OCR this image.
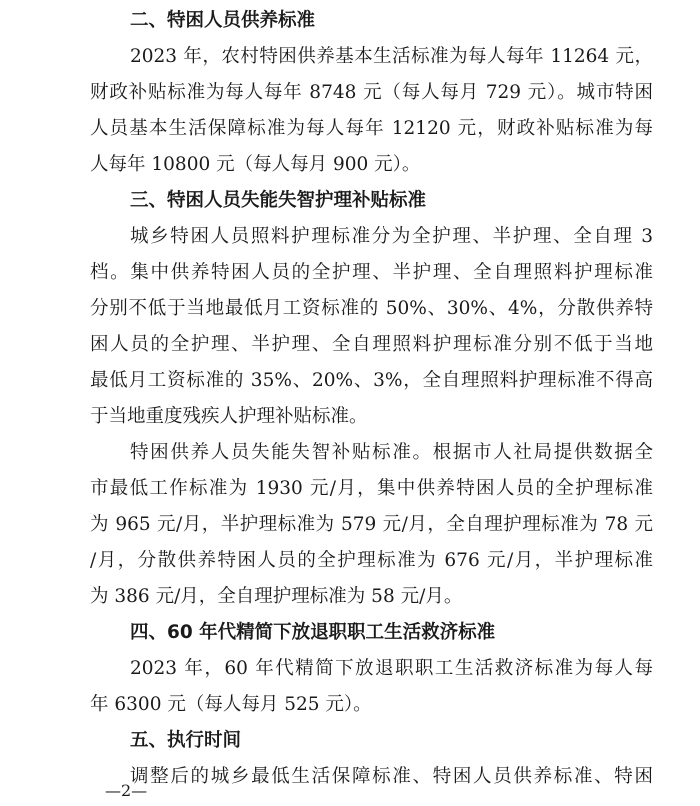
二、特困人员供养标准
2023 年，农村特困供养基本生活标准为每人每年 11264 元，
财政补贴标准为每人每年 8748 元（每人每月 729 元）。城市特困
人员基本生活保障标准为每人每年 12120 元，财政补贴标准为每
人每年 10800 元（每人每月 900 元）。
三、特困人员失能失智护理补贴标准
城乡特困人员照料护理标准分为全护理、半护理、全自理 3
档。集中供养特困人员的全护理、半护理、全自理照料护理标准
分别不低于当地最低月工资标准的 50%、30%、4%，分散供养特
困人员的全护理、半护理、全自理照料护理标准分别不低于当地
最低月工资标准的 35%、20%、3%，全自理照料护理标准不得高
于当地重度残疾人护理补贴标准。
特困供养人员失能失智补贴标准。根据市人社局提供数据全
市最低工作标准为 1930 元/月，集中供养特困人员的全护理标准
为 965 元/月，半护理标准为 579 元/月，全自理护理标准为 78 元
/月，分散供养特困人员的全护理标准为 676 元/月，半护理标准
为 386 元/月，全自理护理标准为 58 元/月。
四、60 年代精简下放退职职工生活救济标准
2023 年，60 年代精简下放退职职工生活救济标准为每人每
年 6300 元（每人每月 525 元）。
五、执行时间
调整后的城乡最低生活保障标准、特困人员供养标准、特困
—2—
